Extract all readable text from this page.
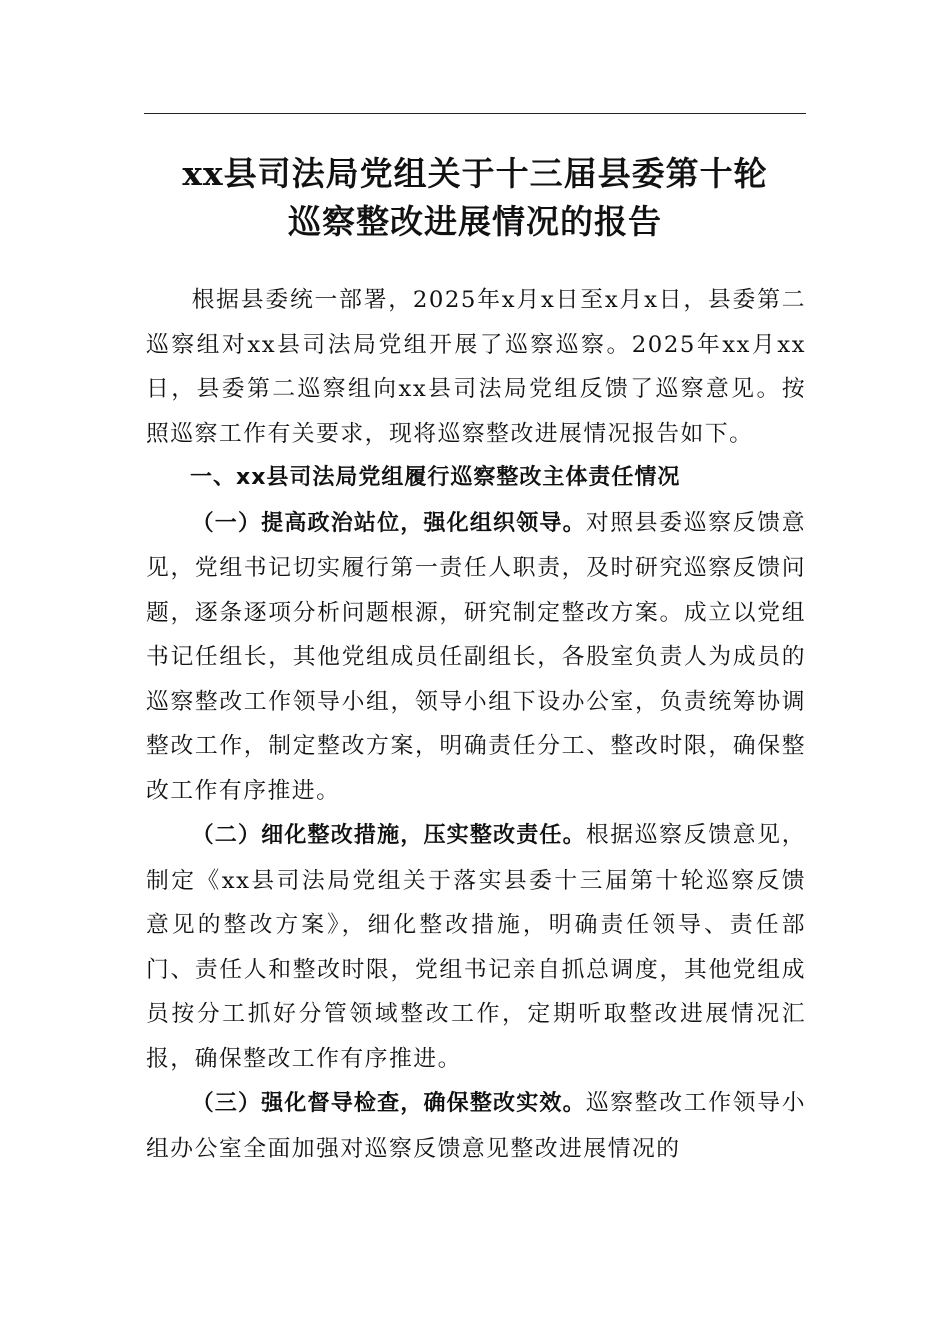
xx县司法局党组关于十三届县委第十轮
巡察整改进展情况的报告

根据县委统一部署，2025年x月x日至x月x日，县委第二巡察组对xx县司法局党组开展了巡察巡察。2025年xx月xx日，县委第二巡察组向xx县司法局党组反馈了巡察意见。按照巡察工作有关要求，现将巡察整改进展情况报告如下。

一、xx县司法局党组履行巡察整改主体责任情况

（一）提高政治站位，强化组织领导。对照县委巡察反馈意见，党组书记切实履行第一责任人职责，及时研究巡察反馈问题，逐条逐项分析问题根源，研究制定整改方案。成立以党组书记任组长，其他党组成员任副组长，各股室负责人为成员的巡察整改工作领导小组，领导小组下设办公室，负责统筹协调整改工作，制定整改方案，明确责任分工、整改时限，确保整改工作有序推进。

（二）细化整改措施，压实整改责任。根据巡察反馈意见，制定《xx县司法局党组关于落实县委十三届第十轮巡察反馈意见的整改方案》，细化整改措施，明确责任领导、责任部门、责任人和整改时限，党组书记亲自抓总调度，其他党组成员按分工抓好分管领域整改工作，定期听取整改进展情况汇报，确保整改工作有序推进。

（三）强化督导检查，确保整改实效。巡察整改工作领导小组办公室全面加强对巡察反馈意见整改进展情况的
